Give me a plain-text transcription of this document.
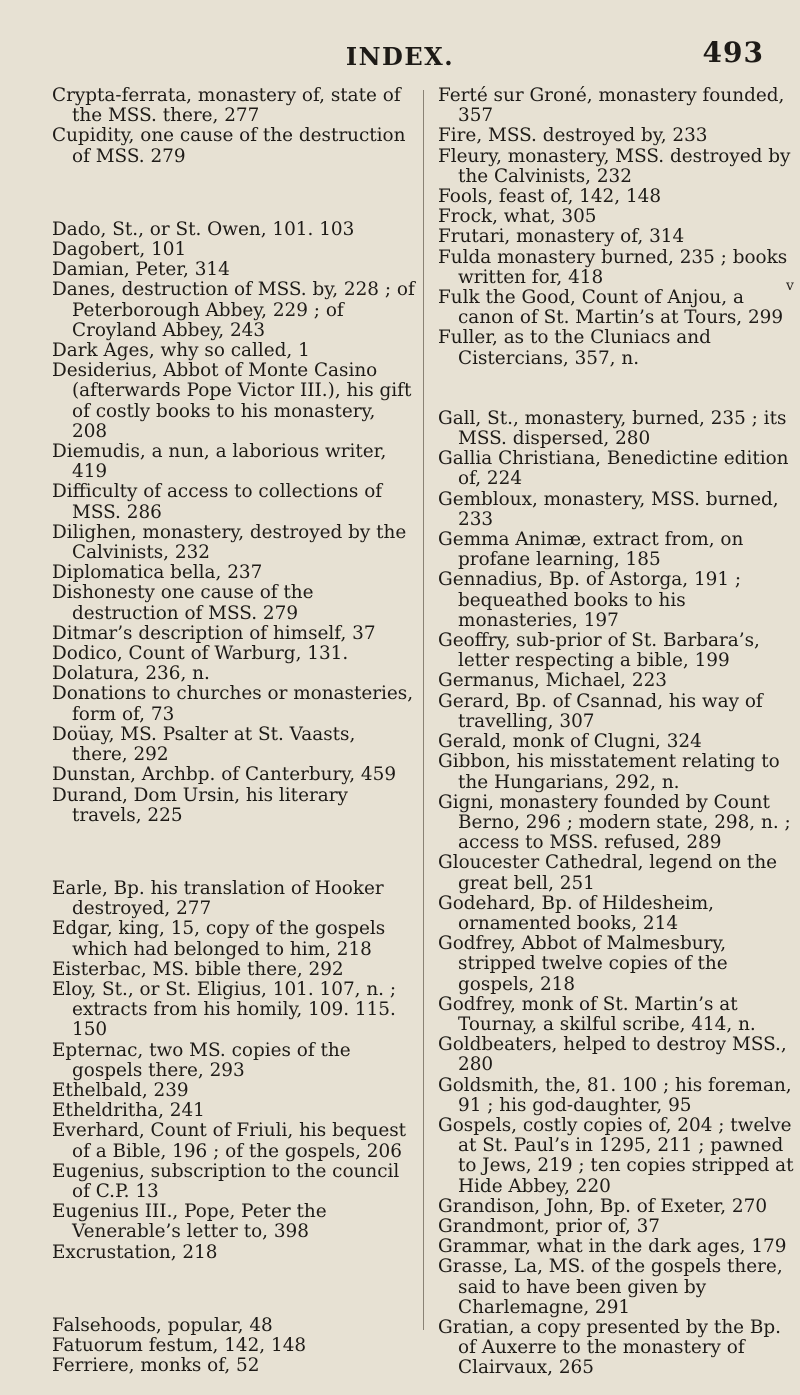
INDEX.	493

Crypta-ferrata, monastery of, state of the MSS. there, 277

Cupidity, one cause of the destruction of MSS. 279

Dado, St., or St. Owen, 101. 103

Dagobert, 101

Damian, Peter, 314

Danes, destruction of MSS. by, 228 ; of Peterborough Abbey, 229 ; of Croyland Abbey, 243

Dark Ages, why so called, 1

Desiderius, Abbot of Monte Casino (afterwards Pope Victor III.), his gift of costly books to his monastery, 208

Diemudis, a nun, a laborious writer, 419

Difficulty of access to collections of MSS. 286

Dilighen, monastery, destroyed by the Calvinists, 232

Diplomatica bella, 237

Dishonesty one cause of the destruction of MSS. 279

Ditmar’s description of himself, 37

Dodico, Count of Warburg, 131.

Dolatura, 236, n.

Donations to churches or monasteries, form of, 73

Doüay, MS. Psalter at St. Vaasts, there, 292

Dunstan, Archbp. of Canterbury, 459

Durand, Dom Ursin, his literary travels, 225

Earle, Bp. his translation of Hooker destroyed, 277

Edgar, king, 15, copy of the gospels which had belonged to him, 218

Eisterbac, MS. bible there, 292

Eloy, St., or St. Eligius, 101. 107, n. ; extracts from his homily, 109. 115. 150

Epternac, two MS. copies of the gospels there, 293

Ethelbald, 239

Etheldritha, 241

Everhard, Count of Friuli, his bequest of a Bible, 196 ; of the gospels, 206

Eugenius, subscription to the council of C.P. 13

Eugenius III., Pope, Peter the Venerable’s letter to, 398

Excrustation, 218

Falsehoods, popular, 48

Fatuorum festum, 142, 148

Ferriere, monks of, 52

Ferté sur Groné, monastery founded, 357

Fire, MSS. destroyed by, 233

Fleury, monastery, MSS. destroyed by the Calvinists, 232

Fools, feast of, 142, 148

Frock, what, 305

Frutari, monastery of, 314

Fulda monastery burned, 235 ; books written for, 418

Fulk the Good, Count of Anjou, a canon of St. Martin’s at Tours, 299

Fuller, as to the Cluniacs and Cistercians, 357, n.

Gall, St., monastery, burned, 235 ; its MSS. dispersed, 280

Gallia Christiana, Benedictine edition of, 224

Gembloux, monastery, MSS. burned, 233

Gemma Animæ, extract from, on profane learning, 185

Gennadius, Bp. of Astorga, 191 ; bequeathed books to his monasteries, 197

Geoffry, sub-prior of St. Barbara’s, letter respecting a bible, 199

Germanus, Michael, 223

Gerard, Bp. of Csannad, his way of travelling, 307

Gerald, monk of Clugni, 324

Gibbon, his misstatement relating to the Hungarians, 292, n.

Gigni, monastery founded by Count Berno, 296 ; modern state, 298, n. ; access to MSS. refused, 289

Gloucester Cathedral, legend on the great bell, 251

Godehard, Bp. of Hildesheim, ornamented books, 214

Godfrey, Abbot of Malmesbury, stripped twelve copies of the gospels, 218

Godfrey, monk of St. Martin’s at Tournay, a skilful scribe, 414, n.

Goldbeaters, helped to destroy MSS., 280

Goldsmith, the, 81. 100 ; his foreman, 91 ; his god-daughter, 95

Gospels, costly copies of, 204 ; twelve at St. Paul’s in 1295, 211 ; pawned to Jews, 219 ; ten copies stripped at Hide Abbey, 220

Grandison, John, Bp. of Exeter, 270

Grandmont, prior of, 37

Grammar, what in the dark ages, 179

Grasse, La, MS. of the gospels there, said to have been given by Charlemagne, 291

Gratian, a copy presented by the Bp. of Auxerre to the monastery of Clairvaux, 265

v
